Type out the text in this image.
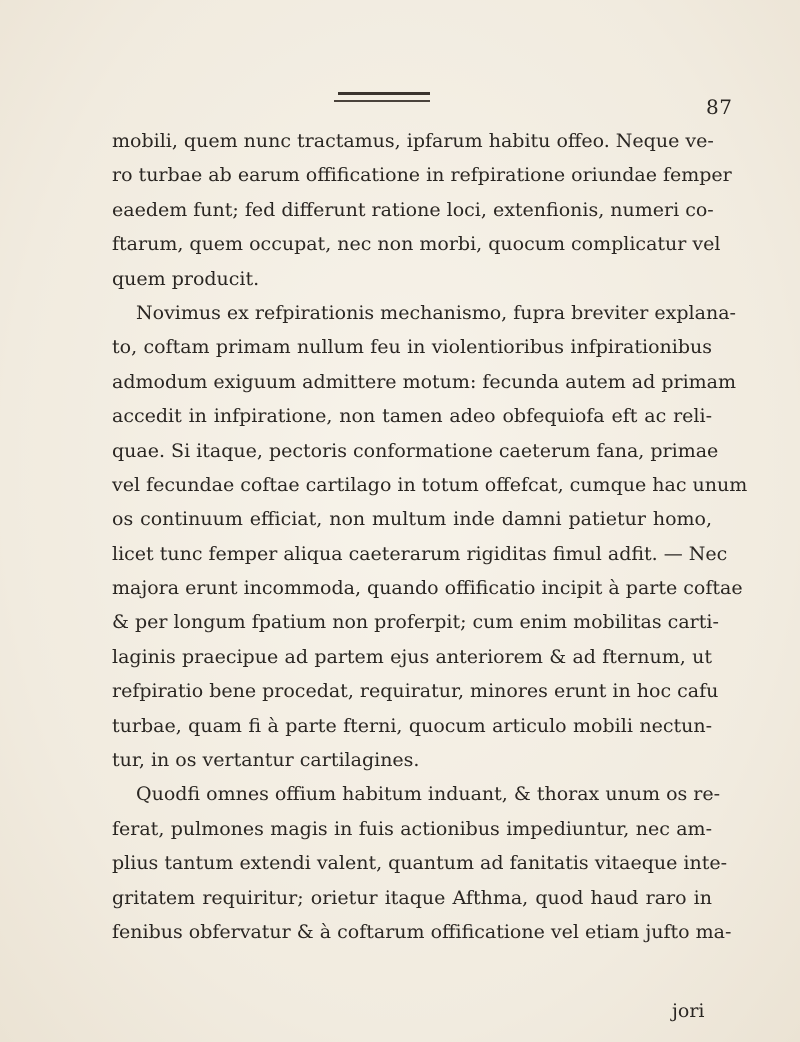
87
mobili, quem nunc tractamus, ipfarum habitu offeo. Neque ve-
ro turbae ab earum offificatione in refpiratione oriundae femper
eaedem funt; fed differunt ratione loci, extenfionis, numeri co-
ftarum, quem occupat, nec non morbi, quocum complicatur vel
quem producit.
Novimus ex refpirationis mechanismo, fupra breviter explana-
to, coftam primam nullum feu in violentioribus infpirationibus
admodum exiguum admittere motum: fecunda autem ad primam
accedit in infpiratione, non tamen adeo obfequiofa eft ac reli-
quae. Si itaque, pectoris conformatione caeterum fana, primae
vel fecundae coftae cartilago in totum offefcat, cumque hac unum
os continuum efficiat, non multum inde damni patietur homo,
licet tunc femper aliqua caeterarum rigiditas fimul adfit. — Nec
majora erunt incommoda, quando offificatio incipit à parte coftae
& per longum fpatium non proferpit; cum enim mobilitas carti-
laginis praecipue ad partem ejus anteriorem & ad fternum, ut
refpiratio bene procedat, requiratur, minores erunt in hoc cafu
turbae, quam fi à parte fterni, quocum articulo mobili nectun-
tur, in os vertantur cartilagines.
Quodfi omnes offium habitum induant, & thorax unum os re-
ferat, pulmones magis in fuis actionibus impediuntur, nec am-
plius tantum extendi valent, quantum ad fanitatis vitaeque inte-
gritatem requiritur; orietur itaque Afthma, quod haud raro in
fenibus obfervatur & à coftarum offificatione vel etiam jufto ma-
jori
